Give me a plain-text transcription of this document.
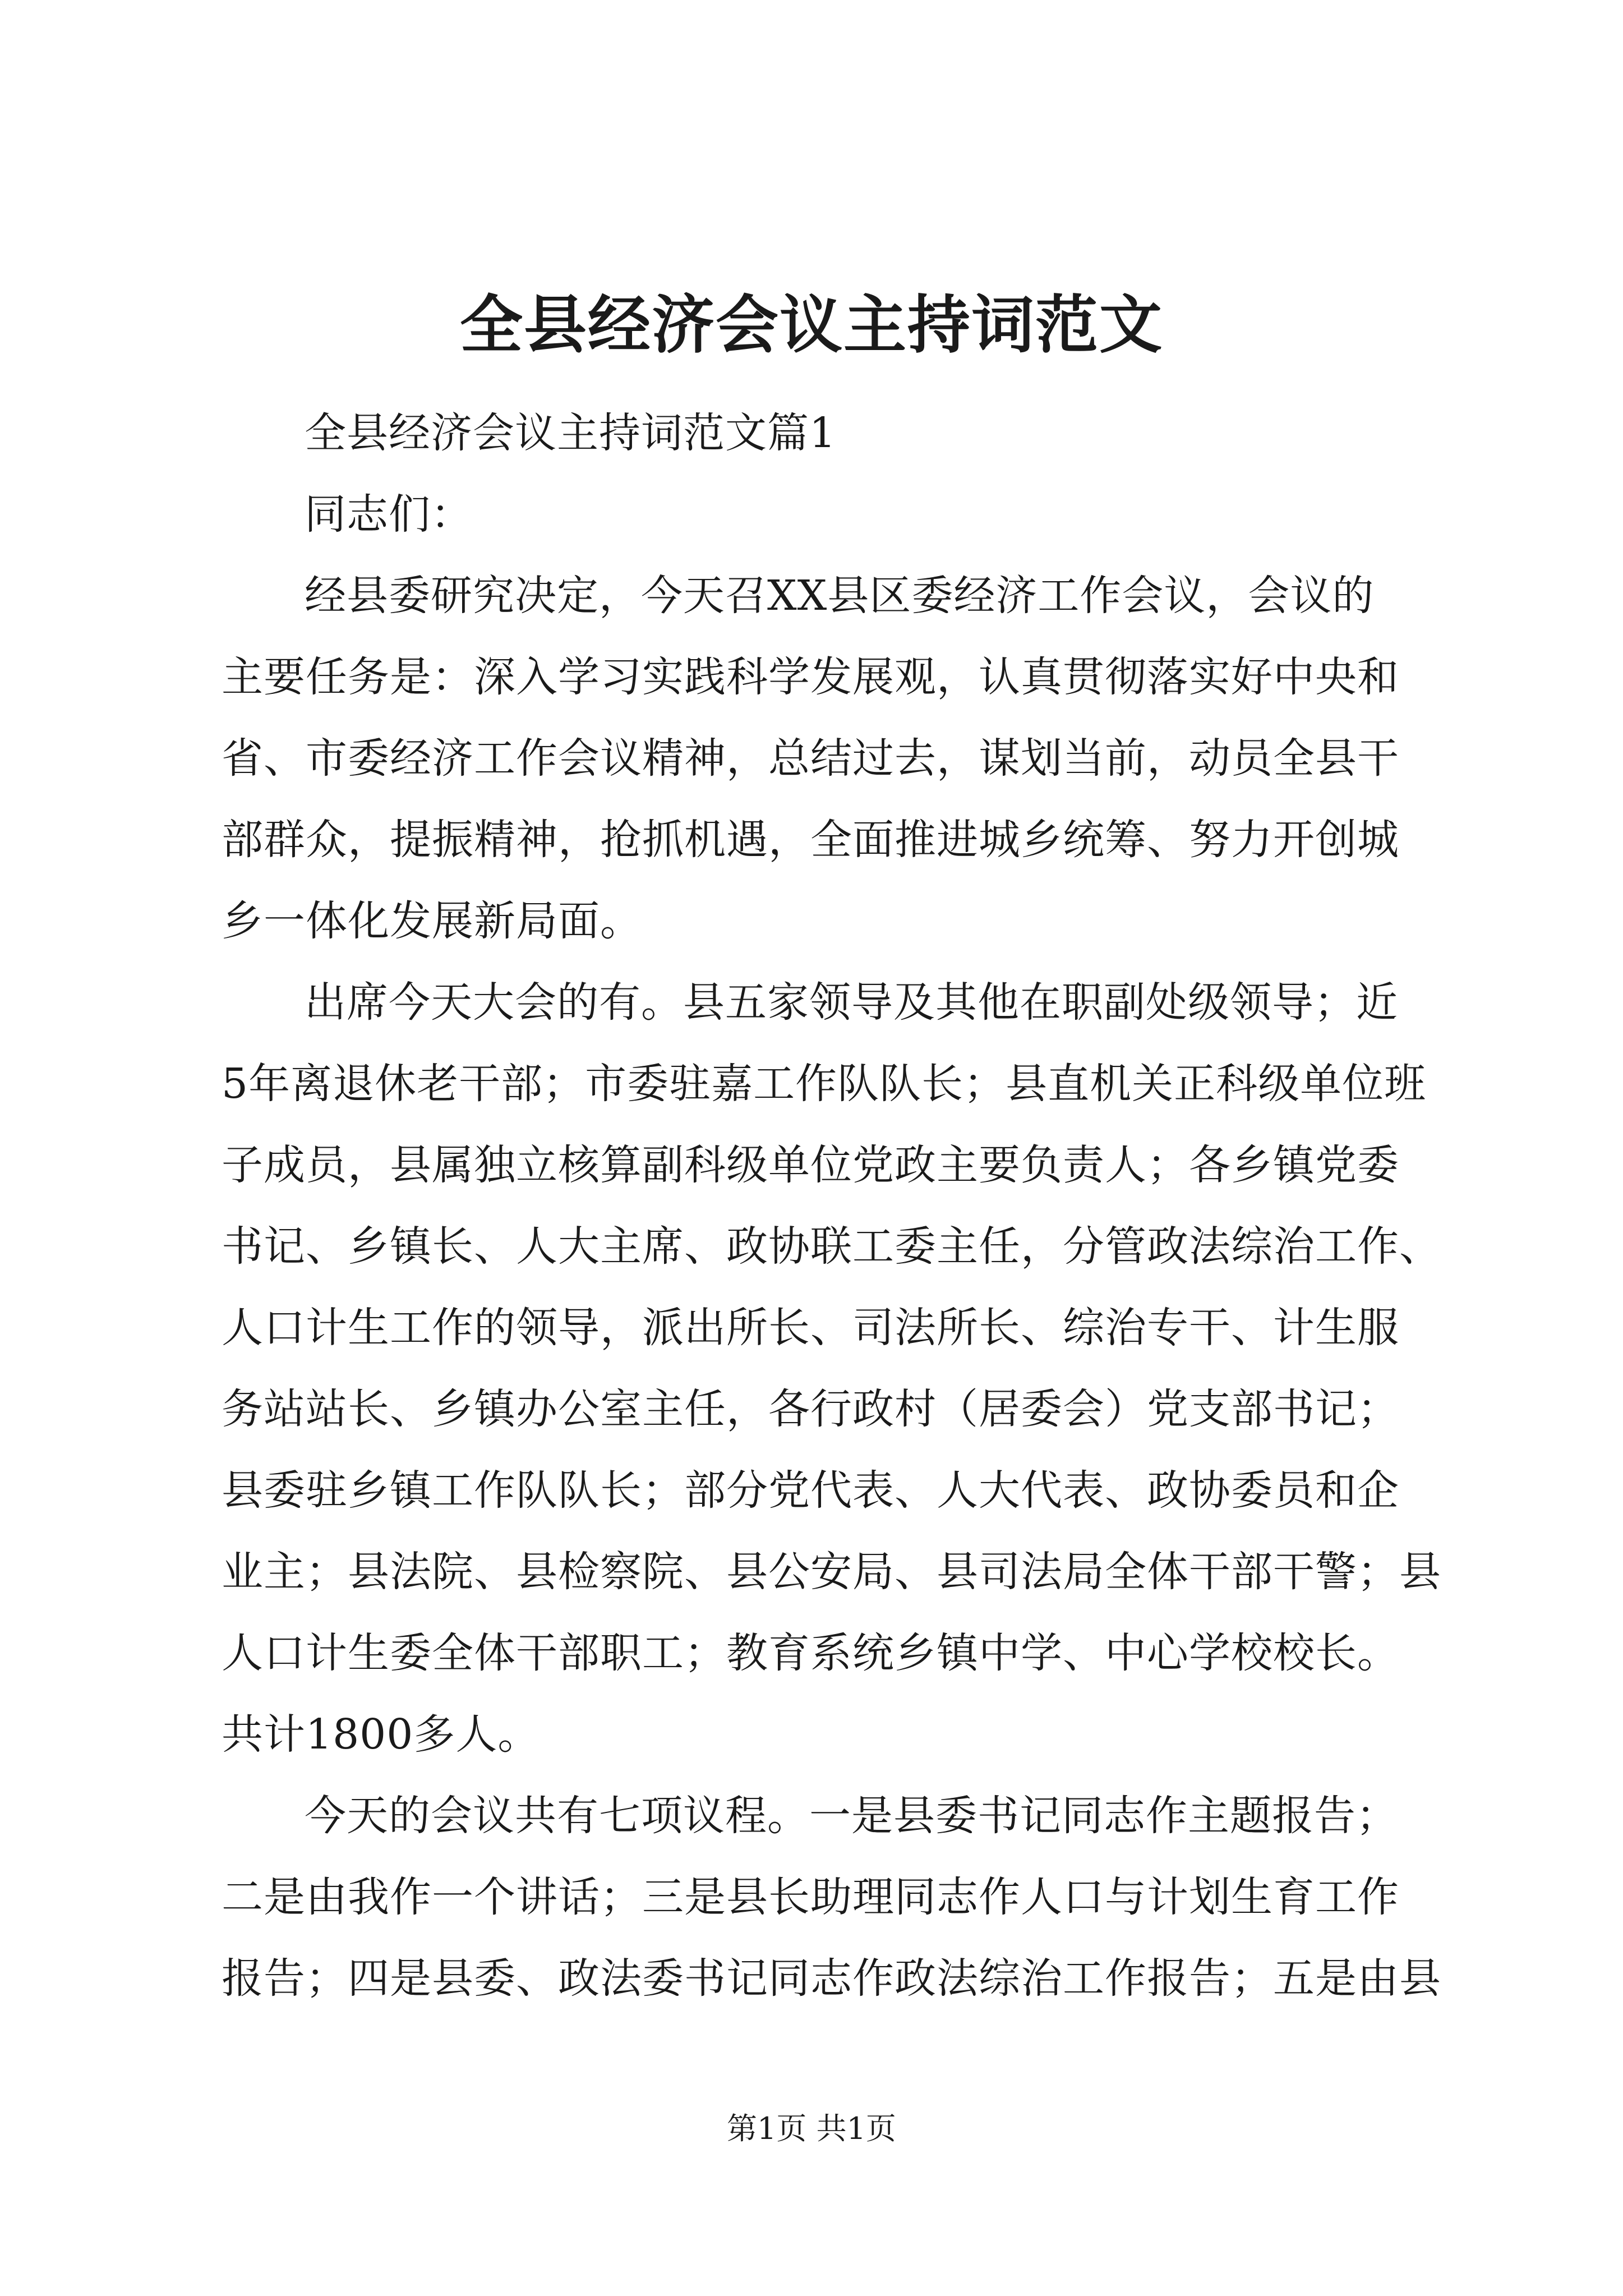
全县经济会议主持词范文
全县经济会议主持词范文篇1
同志们：
经县委研究决定，今天召XX县区委经济工作会议，会议的
主要任务是：深入学习实践科学发展观，认真贯彻落实好中央和
省、市委经济工作会议精神，总结过去，谋划当前，动员全县干
部群众，提振精神，抢抓机遇，全面推进城乡统筹、努力开创城
乡一体化发展新局面。
出席今天大会的有。县五家领导及其他在职副处级领导；近
5年离退休老干部；市委驻嘉工作队队长；县直机关正科级单位班
子成员，县属独立核算副科级单位党政主要负责人；各乡镇党委
书记、乡镇长、人大主席、政协联工委主任，分管政法综治工作、
人口计生工作的领导，派出所长、司法所长、综治专干、计生服
务站站长、乡镇办公室主任，各行政村（居委会）党支部书记；
县委驻乡镇工作队队长；部分党代表、人大代表、政协委员和企
业主；县法院、县检察院、县公安局、县司法局全体干部干警；县
人口计生委全体干部职工；教育系统乡镇中学、中心学校校长。
共计1800多人。
今天的会议共有七项议程。一是县委书记同志作主题报告；
二是由我作一个讲话；三是县长助理同志作人口与计划生育工作
报告；四是县委、政法委书记同志作政法综治工作报告；五是由县
第1页 共1页
